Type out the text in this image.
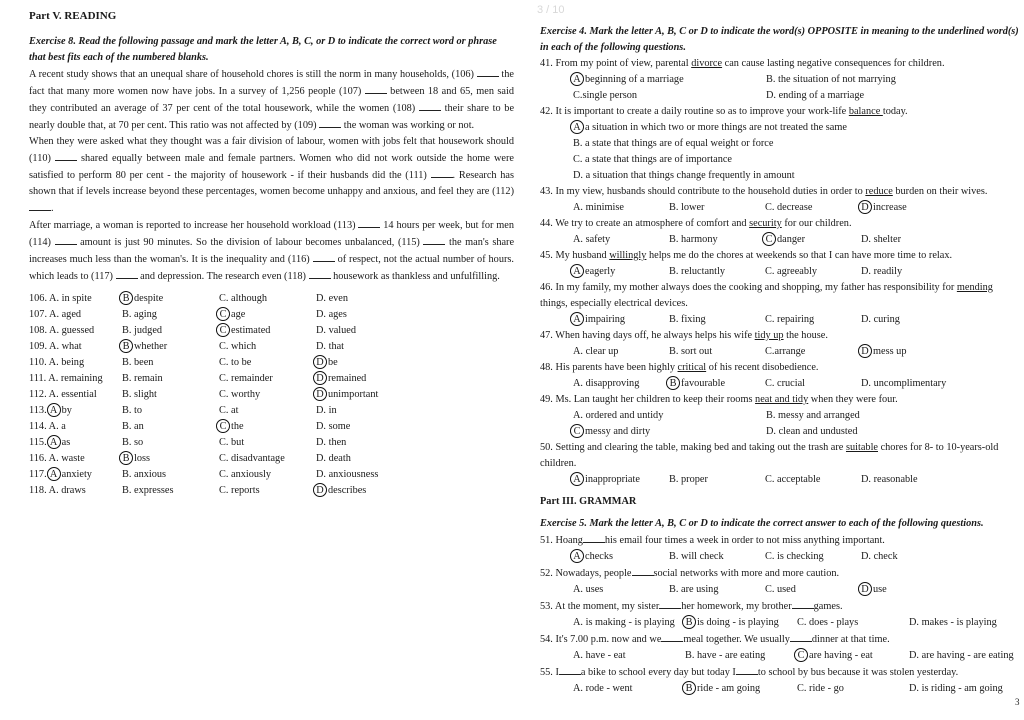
3 / 10
Part V. READING
Exercise 8. Read the following passage and mark the letter A, B, C, or D to indicate the correct word or phrase that best fits each of the numbered blanks.

A recent study shows that an unequal share of household chores is still the norm in many households, (106)	the fact that many more women now have jobs. In a survey of 1,256 people (107)	between 18 and 65, men said they contributed an average of 37 per cent of the total housework, while the women (108)	their share to be nearly double that, at 70 per cent. This ratio was not affected by (109)	the woman was working or not.

When they were asked what they thought was a fair division of labour, women with jobs felt that housework should (110)	shared equally between male and female partners. Women who did not work outside the home were satisfied to perform 80 per cent - the majority of housework - if their husbands did the (111) . Research has shown that if levels increase beyond these percentages, women become unhappy and anxious, and feel they are (112) .

After marriage, a woman is reported to increase her household workload (113)	14 hours per week, but for men (114)	amount is just 90 minutes. So the division of labour becomes unbalanced, (115)	the man's share increases much less than the woman's. It is the inequality and (116)	of respect, not the actual number of hours. which leads to (117)	and depression. The research even (118)	housework as thankless and unfulfilling.

106. A. in spite	B despite	C. although	D. even
107. A. aged	B. aging	C age	D. ages
108. A. guessed	B. judged	C estimated	D. valued
109. A. what	B whether	C. which	D. that
110. A. being	B. been	C. to be	D be
111. A. remaining	B. remain	C. remainder	D remained
112. A. essential	B. slight	C. worthy	D unimportant
113. A by	B. to	C. at	D. in
114. A. a	B. an	C the	D. some
115. A as	B. so	C. but	D. then
116. A. waste	B loss	C. disadvantage	D. death
117. A anxiety	B. anxious	C. anxiously	D. anxiousness
118. A. draws	B. expresses	C. reports	D describes
Exercise 4. Mark the letter A, B, C or D to indicate the word(s) OPPOSITE in meaning to the underlined word(s) in each of the following questions.
41. From my point of view, parental divorce can cause lasting negative consequences for children.
A beginning of a marriage	B. the situation of not marrying
C.single person	D. ending of a marriage
42. It is important to create a daily routine so as to improve your work-life balance today.
A a situation in which two or more things are not treated the same
B. a state that things are of equal weight or force
C. a state that things are of importance
D. a situation that things change frequently in amount
43. In my view, husbands should contribute to the household duties in order to reduce burden on their wives.
A. minimise	B. lower	C. decrease	D increase
44. We try to create an atmosphere of comfort and security for our children.
A. safety	B. harmony	C danger	D. shelter
45. My husband willingly helps me do the chores at weekends so that I can have more time to relax.
A eagerly	B. reluctantly	C. agreeably	D. readily
46. In my family, my mother always does the cooking and shopping, my father has responsibility for mending things, especially electrical devices.
A impairing	B. fixing	C. repairing	D. curing
47. When having days off, he always helps his wife tidy up the house.
A. clear up	B. sort out	C.arrange	D mess up
48. His parents have been highly critical of his recent disobedience.
A. disapproving	B favourable	C. crucial	D. uncomplimentary
49. Ms. Lan taught her children to keep their rooms neat and tidy when they were four.
A. ordered and untidy	B. messy and arranged
C messy and dirty	D. clean and undusted
50. Setting and clearing the table, making bed and taking out the trash are suitable chores for 8- to 10-years-old children.
A inappropriate	B. proper	C. acceptable	D. reasonable
Part III. GRAMMAR
Exercise 5. Mark the letter A, B, C or D to indicate the correct answer to each of the following questions.
51. Hoang his email four times a week in order to not miss anything important.
A checks	B. will check	C. is checking	D. check
52. Nowadays, people social networks with more and more caution.
A. uses	B. are using	C. used	D use
53. At the moment, my sister her homework, my brother games.
A. is making - is playing	B is doing - is playing	C. does - plays	D. makes - is playing
54. It's 7.00 p.m. now and we meal together. We usually dinner at that time.
A. have - eat	B. have - are eating	C are having - eat	D. are having - are eating
55. I a bike to school every day but today I to school by bus because it was stolen yesterday.
A. rode - went	B ride - am going	C. ride - go	D. is riding - am going
3
